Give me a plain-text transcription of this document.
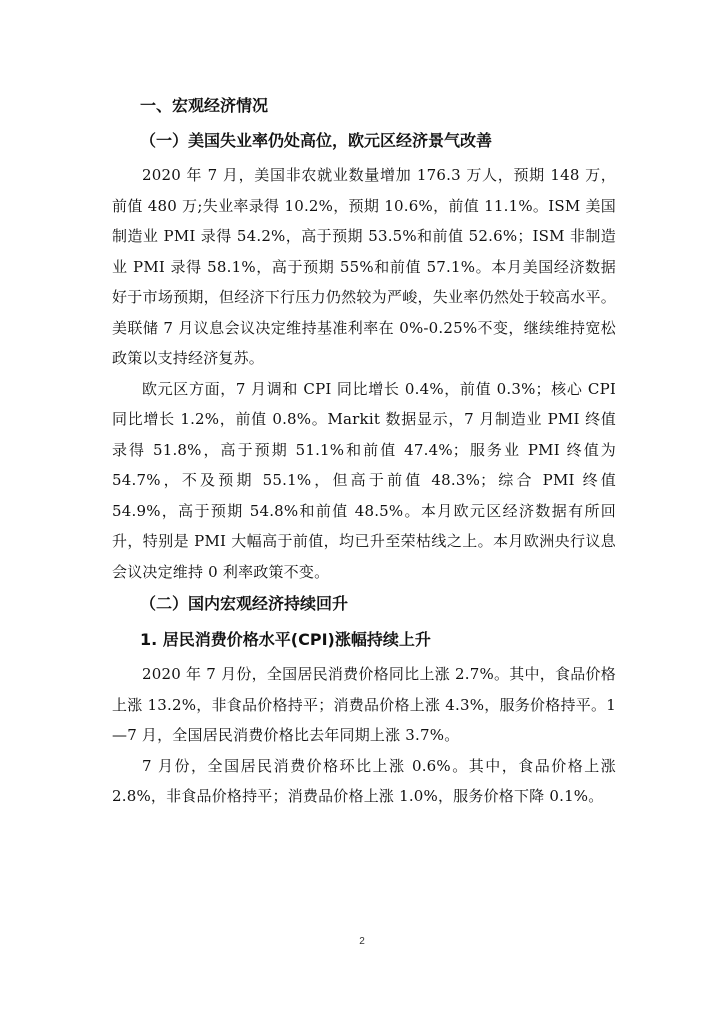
一、宏观经济情况
（一）美国失业率仍处高位，欧元区经济景气改善

2020 年 7 月，美国非农就业数量增加 176.3 万人，预期 148 万，前值 480 万;失业率录得 10.2%，预期 10.6%，前值 11.1%。ISM 美国制造业 PMI 录得 54.2%，高于预期 53.5%和前值 52.6%；ISM 非制造业 PMI 录得 58.1%，高于预期 55%和前值 57.1%。本月美国经济数据好于市场预期，但经济下行压力仍然较为严峻，失业率仍然处于较高水平。美联储 7 月议息会议决定维持基准利率在 0%-0.25%不变，继续维持宽松政策以支持经济复苏。

欧元区方面，7 月调和 CPI 同比增长 0.4%，前值 0.3%；核心 CPI 同比增长 1.2%，前值 0.8%。Markit 数据显示，7 月制造业 PMI 终值录得 51.8%，高于预期 51.1%和前值 47.4%；服务业 PMI 终值为 54.7%，不及预期 55.1%，但高于前值 48.3%；综合 PMI 终值 54.9%，高于预期 54.8%和前值 48.5%。本月欧元区经济数据有所回升，特别是 PMI 大幅高于前值，均已升至荣枯线之上。本月欧洲央行议息会议决定维持 0 利率政策不变。

（二）国内宏观经济持续回升
1. 居民消费价格水平(CPI)涨幅持续上升

2020 年 7 月份，全国居民消费价格同比上涨 2.7%。其中，食品价格上涨 13.2%，非食品价格持平；消费品价格上涨 4.3%，服务价格持平。1—7 月，全国居民消费价格比去年同期上涨 3.7%。

7 月份，全国居民消费价格环比上涨 0.6%。其中，食品价格上涨 2.8%，非食品价格持平；消费品价格上涨 1.0%，服务价格下降 0.1%。

2
